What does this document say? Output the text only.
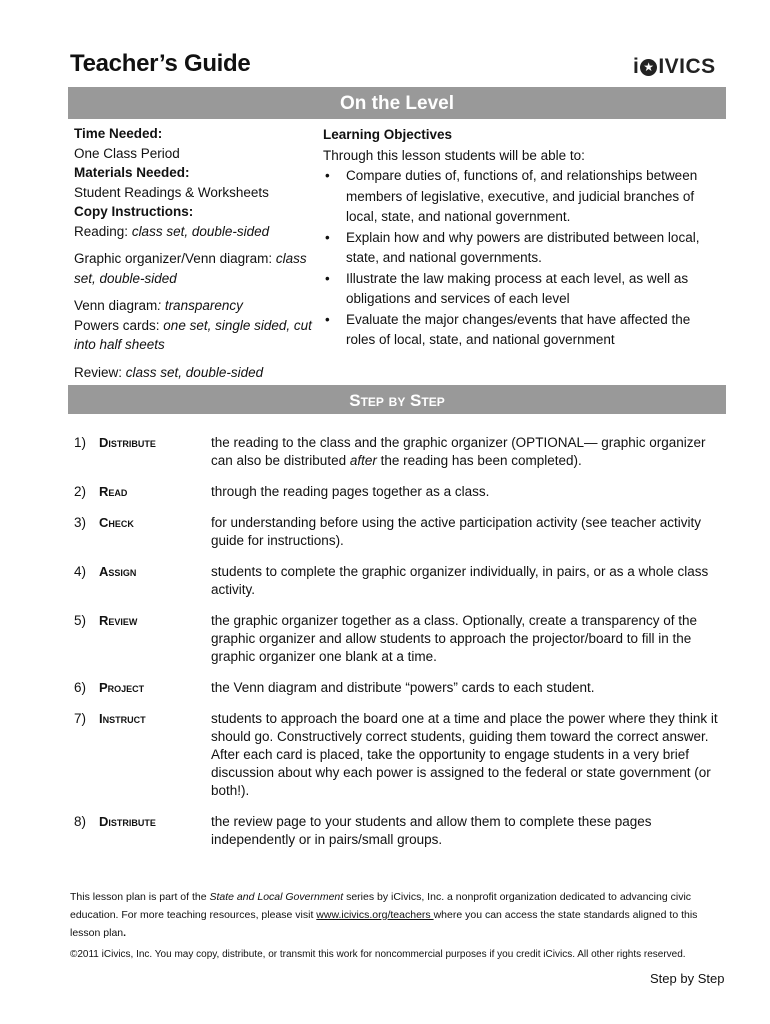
Teacher’s Guide	i ★ IVICS
On the Level
Time Needed:
One Class Period
Materials Needed:
Student Readings & Worksheets
Copy Instructions:
Reading: class set, double-sided
Graphic organizer/Venn diagram: class set, double-sided
Venn diagram: transparency
Powers cards: one set, single sided, cut into half sheets
Review: class set, double-sided
Learning Objectives
Through this lesson students will be able to:
• Compare duties of, functions of, and relationships between members of legislative, executive, and judicial branches of local, state, and national government.
• Explain how and why powers are distributed between local, state, and national governments.
• Illustrate the law making process at each level, as well as obligations and services of each level
• Evaluate the major changes/events that have affected the roles of local, state, and national government
Step by Step
1) Distribute	the reading to the class and the graphic organizer (OPTIONAL— graphic organizer can also be distributed after the reading has been completed).
2) Read	through the reading pages together as a class.
3) Check	for understanding before using the active participation activity (see teacher activity guide for instructions).
4) Assign	students to complete the graphic organizer individually, in pairs, or as a whole class activity.
5) Review	the graphic organizer together as a class. Optionally, create a transparency of the graphic organizer and allow students to approach the projector/board to fill in the graphic organizer one blank at a time.
6) Project	the Venn diagram and distribute “powers” cards to each student.
7) Instruct	students to approach the board one at a time and place the power where they think it should go. Constructively correct students, guiding them toward the correct answer. After each card is placed, take the opportunity to engage students in a very brief discussion about why each power is assigned to the federal or state government (or both!).
8) Distribute	the review page to your students and allow them to complete these pages independently or in pairs/small groups.
This lesson plan is part of the State and Local Government series by iCivics, Inc. a nonprofit organization dedicated to advancing civic education. For more teaching resources, please visit www.icivics.org/teachers where you can access the state standards aligned to this lesson plan.
©2011 iCivics, Inc. You may copy, distribute, or transmit this work for noncommercial purposes if you credit iCivics. All other rights reserved.
Step by Step
